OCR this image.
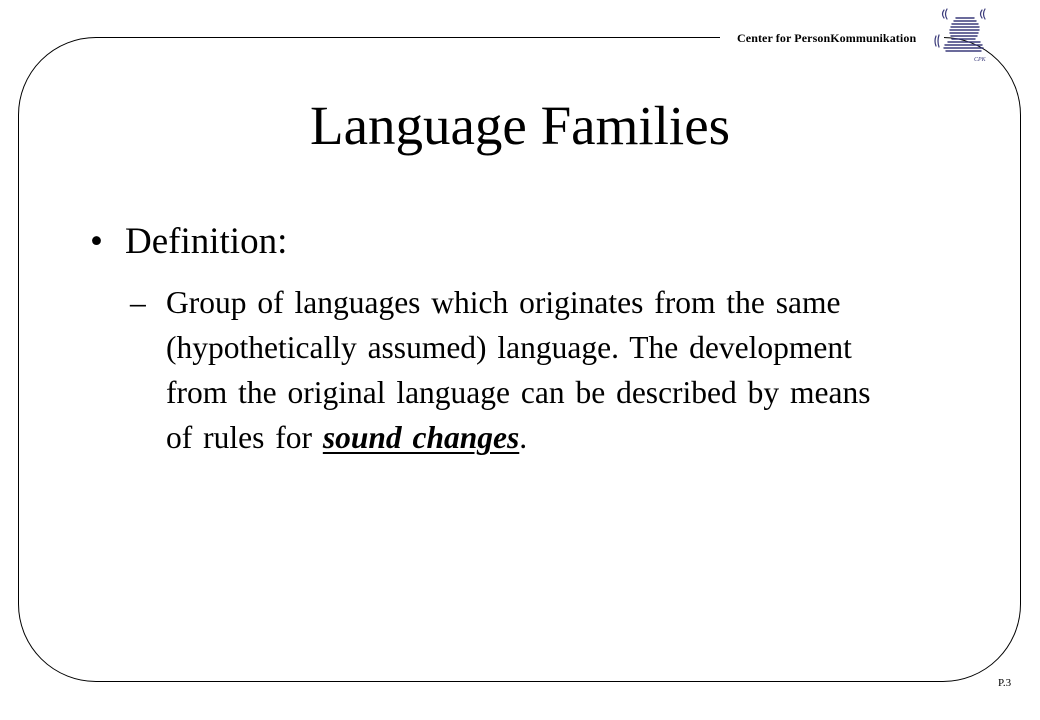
Center for PersonKommunikation
CPK
Language Families
• Definition:
– Group of languages which originates from the same (hypothetically assumed) language. The development from the original language can be described by means of rules for sound changes.
P.3
